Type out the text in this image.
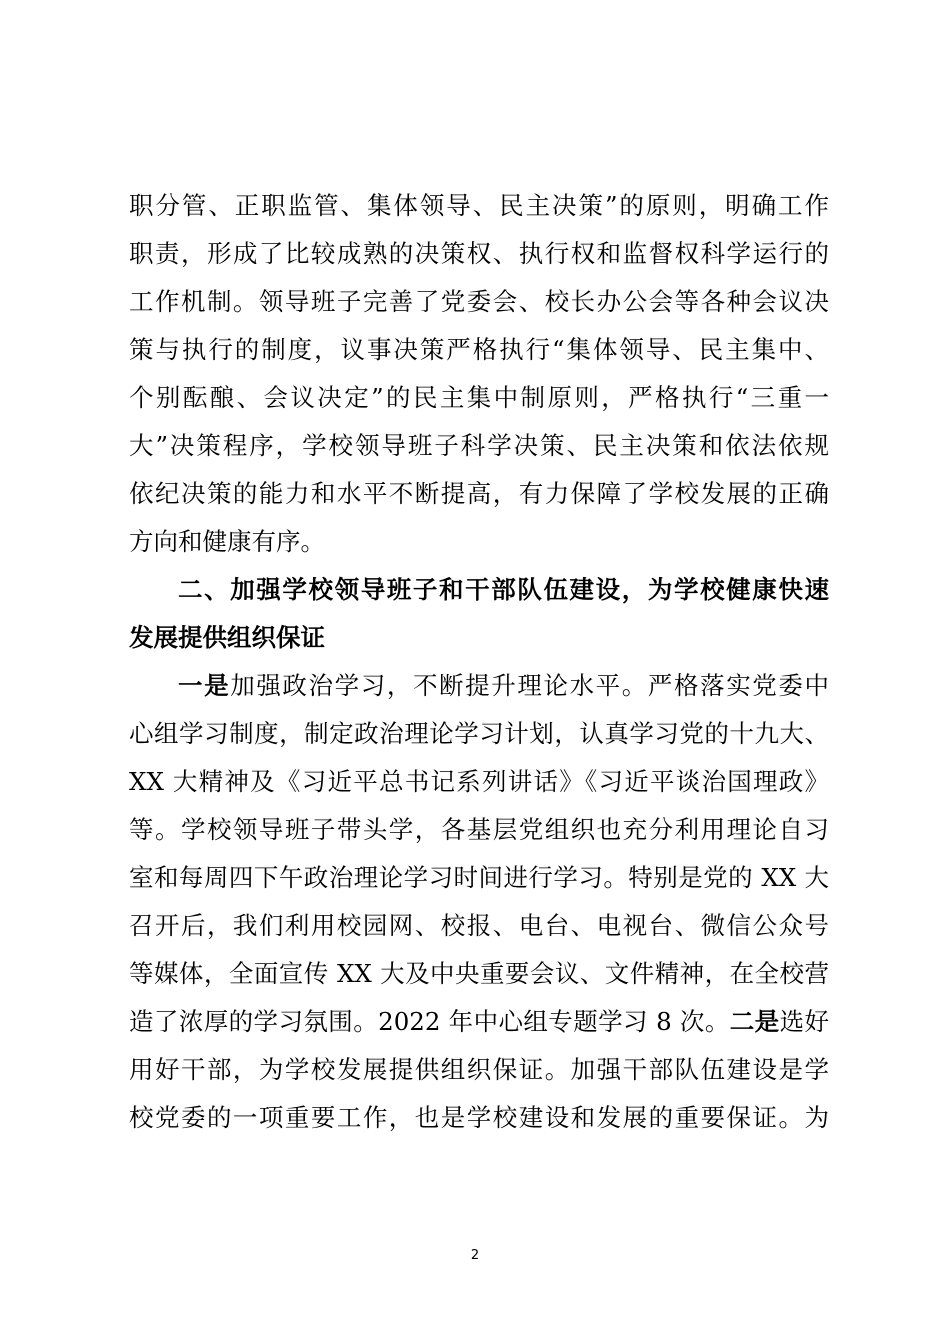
职分管、正职监管、集体领导、民主决策”的原则，明确工作
职责，形成了比较成熟的决策权、执行权和监督权科学运行的
工作机制。领导班子完善了党委会、校长办公会等各种会议决
策与执行的制度，议事决策严格执行“集体领导、民主集中、
个别酝酿、会议决定”的民主集中制原则，严格执行“三重一
大”决策程序，学校领导班子科学决策、民主决策和依法依规
依纪决策的能力和水平不断提高，有力保障了学校发展的正确
方向和健康有序。
二、加强学校领导班子和干部队伍建设，为学校健康快速
发展提供组织保证
一是加强政治学习，不断提升理论水平。严格落实党委中
心组学习制度，制定政治理论学习计划，认真学习党的十九大、
XX 大精神及《习近平总书记系列讲话》《习近平谈治国理政》
等。学校领导班子带头学，各基层党组织也充分利用理论自习
室和每周四下午政治理论学习时间进行学习。特别是党的 XX 大
召开后，我们利用校园网、校报、电台、电视台、微信公众号
等媒体，全面宣传 XX 大及中央重要会议、文件精神，在全校营
造了浓厚的学习氛围。2022 年中心组专题学习 8 次。二是选好
用好干部，为学校发展提供组织保证。加强干部队伍建设是学
校党委的一项重要工作，也是学校建设和发展的重要保证。为
2
